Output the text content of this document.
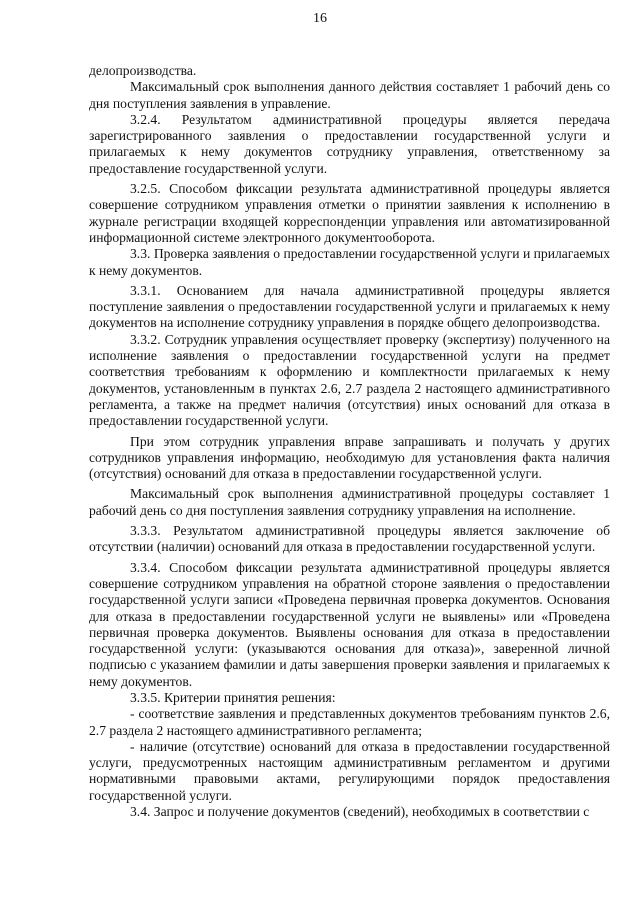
16

делопроизводства.

Максимальный срок выполнения данного действия составляет 1 рабочий день со дня поступления заявления в управление.

3.2.4. Результатом административной процедуры является передача зарегистрированного заявления о предоставлении государственной услуги и прилагаемых к нему документов сотруднику управления, ответственному за предоставление государственной услуги.

3.2.5. Способом фиксации результата административной процедуры является совершение сотрудником управления отметки о принятии заявления к исполнению в журнале регистрации входящей корреспонденции управления или автоматизированной информационной системе электронного документооборота.

3.3. Проверка заявления о предоставлении государственной услуги и прилагаемых к нему документов.

3.3.1. Основанием для начала административной процедуры является поступление заявления о предоставлении государственной услуги и прилагаемых к нему документов на исполнение сотруднику управления в порядке общего делопроизводства.

3.3.2. Сотрудник управления осуществляет проверку (экспертизу) полученного на исполнение заявления о предоставлении государственной услуги на предмет соответствия требованиям к оформлению и комплектности прилагаемых к нему документов, установленным в пунктах 2.6, 2.7 раздела 2 настоящего административного регламента, а также на предмет наличия (отсутствия) иных оснований для отказа в предоставлении государственной услуги.

При этом сотрудник управления вправе запрашивать и получать у других сотрудников управления информацию, необходимую для установления факта наличия (отсутствия) оснований для отказа в предоставлении государственной услуги.

Максимальный срок выполнения административной процедуры составляет 1 рабочий день со дня поступления заявления сотруднику управления на исполнение.

3.3.3. Результатом административной процедуры является заключение об отсутствии (наличии) оснований для отказа в предоставлении государственной услуги.

3.3.4. Способом фиксации результата административной процедуры является совершение сотрудником управления на обратной стороне заявления о предоставлении государственной услуги записи «Проведена первичная проверка документов. Основания для отказа в предоставлении государственной услуги не выявлены» или «Проведена первичная проверка документов. Выявлены основания для отказа в предоставлении государственной услуги: (указываются основания для отказа)», заверенной личной подписью с указанием фамилии и даты завершения проверки заявления и прилагаемых к нему документов.

3.3.5. Критерии принятия решения:

- соответствие заявления и представленных документов требованиям пунктов 2.6, 2.7 раздела 2 настоящего административного регламента;

- наличие (отсутствие) оснований для отказа в предоставлении государственной услуги, предусмотренных настоящим административным регламентом и другими нормативными правовыми актами, регулирующими порядок предоставления государственной услуги.

3.4. Запрос и получение документов (сведений), необходимых в соответствии с
